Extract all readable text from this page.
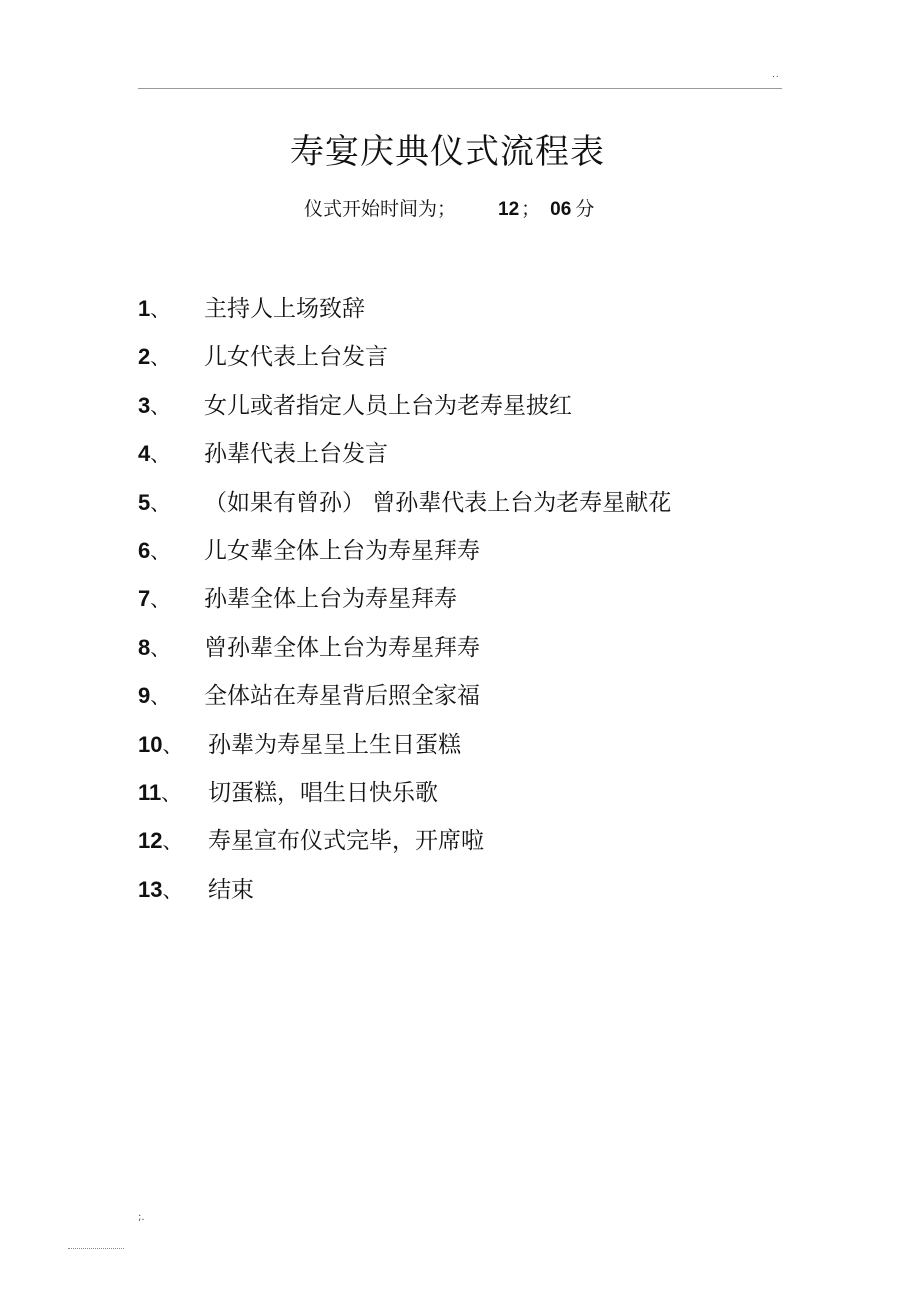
..
寿宴庆典仪式流程表
仪式开始时间为； 12 ； 06 分
1 、 主持人上场致辞
2 、 儿女代表上台发言
3 、 女儿或者指定人员上台为老寿星披红
4 、 孙辈代表上台发言
5 、 （如果有曾孙） 曾孙辈代表上台为老寿星献花
6 、 儿女辈全体上台为寿星拜寿
7 、 孙辈全体上台为寿星拜寿
8 、 曾孙辈全体上台为寿星拜寿
9 、 全体站在寿星背后照全家福
10 、 孙辈为寿星呈上生日蛋糕
11 、 切蛋糕，唱生日快乐歌
12 、 寿星宣布仪式完毕，开席啦
13 、 结束
;.
